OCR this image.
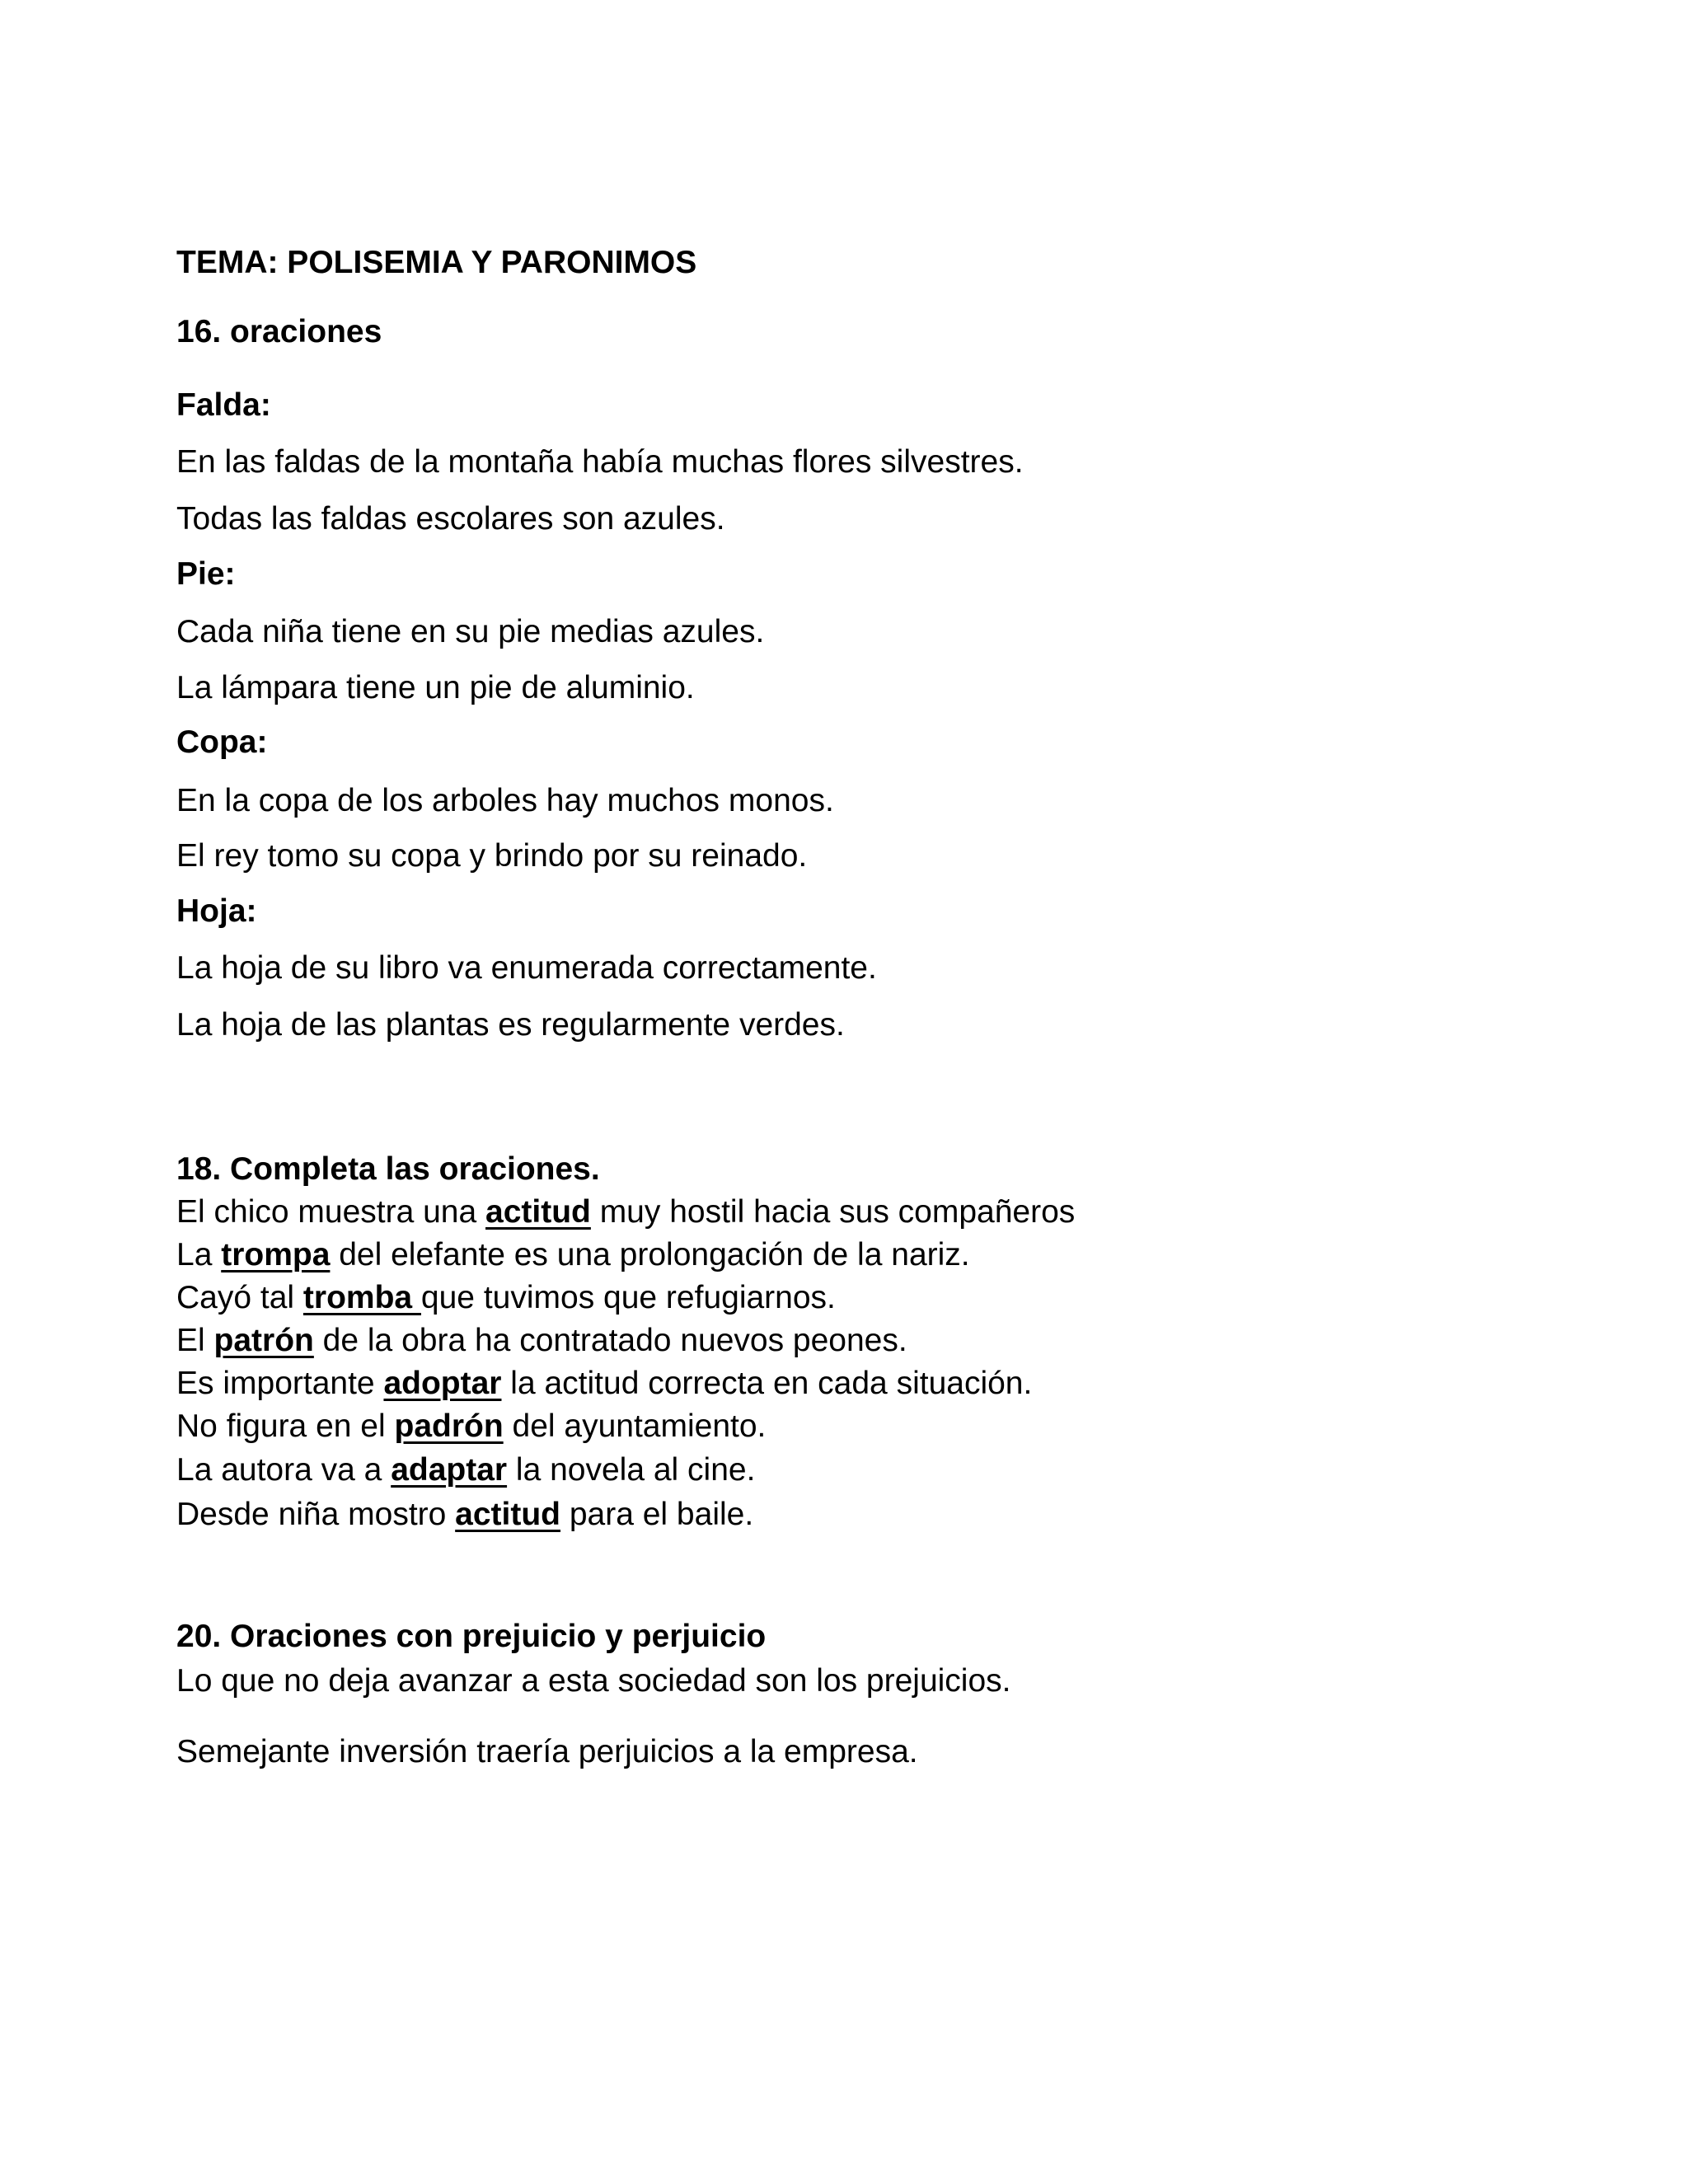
TEMA: POLISEMIA Y PARONIMOS

16. oraciones

Falda:

En las faldas de la montaña había muchas flores silvestres.

Todas las faldas escolares son azules.

Pie:

Cada niña tiene en su pie medias azules.

La lámpara tiene un pie de aluminio.

Copa:

En la copa de los arboles hay muchos monos.

El rey tomo su copa y brindo por su reinado.

Hoja:

La hoja de su libro va enumerada correctamente.

La hoja de las plantas es regularmente verdes.

18. Completa las oraciones.

El chico muestra una actitud muy hostil hacia sus compañeros

La trompa del elefante es una prolongación de la nariz.

Cayó tal tromba que tuvimos que refugiarnos.

El patrón de la obra ha contratado nuevos peones.

Es importante adoptar la actitud correcta en cada situación.

No figura en el padrón del ayuntamiento.

La autora va a adaptar la novela al cine.

Desde niña mostro actitud para el baile.

20. Oraciones con prejuicio y perjuicio

Lo que no deja avanzar a esta sociedad son los prejuicios.

Semejante inversión traería perjuicios a la empresa.
